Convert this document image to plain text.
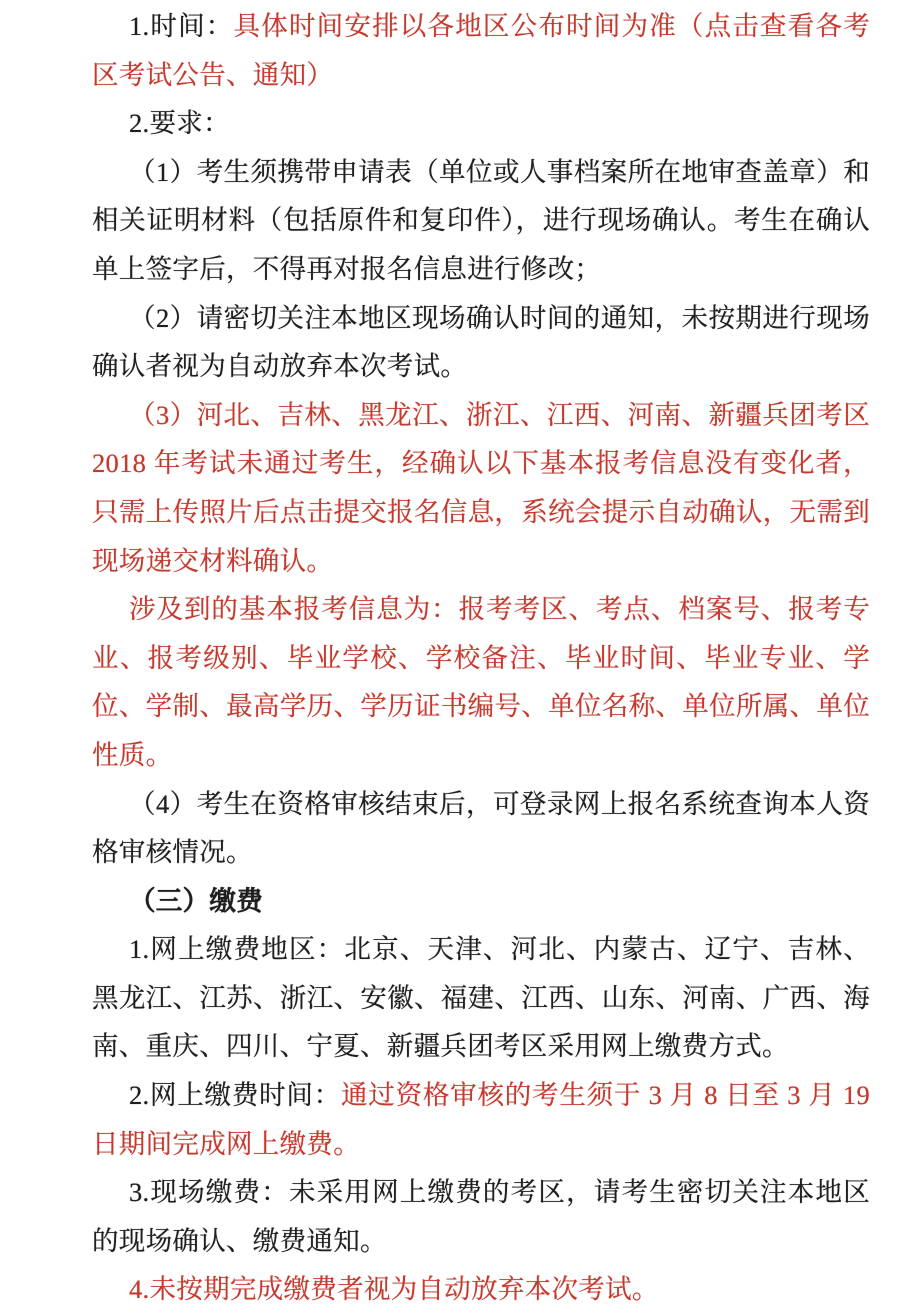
1.时间：具体时间安排以各地区公布时间为准（点击查看各考区考试公告、通知）

2.要求：

（1）考生须携带申请表（单位或人事档案所在地审查盖章）和相关证明材料（包括原件和复印件），进行现场确认。考生在确认单上签字后，不得再对报名信息进行修改；

（2）请密切关注本地区现场确认时间的通知，未按期进行现场确认者视为自动放弃本次考试。

（3）河北、吉林、黑龙江、浙江、江西、河南、新疆兵团考区 2018 年考试未通过考生，经确认以下基本报考信息没有变化者，只需上传照片后点击提交报名信息，系统会提示自动确认，无需到现场递交材料确认。

涉及到的基本报考信息为：报考考区、考点、档案号、报考专业、报考级别、毕业学校、学校备注、毕业时间、毕业专业、学位、学制、最高学历、学历证书编号、单位名称、单位所属、单位性质。

（4）考生在资格审核结束后，可登录网上报名系统查询本人资格审核情况。

（三）缴费

1.网上缴费地区：北京、天津、河北、内蒙古、辽宁、吉林、黑龙江、江苏、浙江、安徽、福建、江西、山东、河南、广西、海南、重庆、四川、宁夏、新疆兵团考区采用网上缴费方式。

2.网上缴费时间：通过资格审核的考生须于 3 月 8 日至 3 月 19 日期间完成网上缴费。

3.现场缴费：未采用网上缴费的考区，请考生密切关注本地区的现场确认、缴费通知。

4.未按期完成缴费者视为自动放弃本次考试。
